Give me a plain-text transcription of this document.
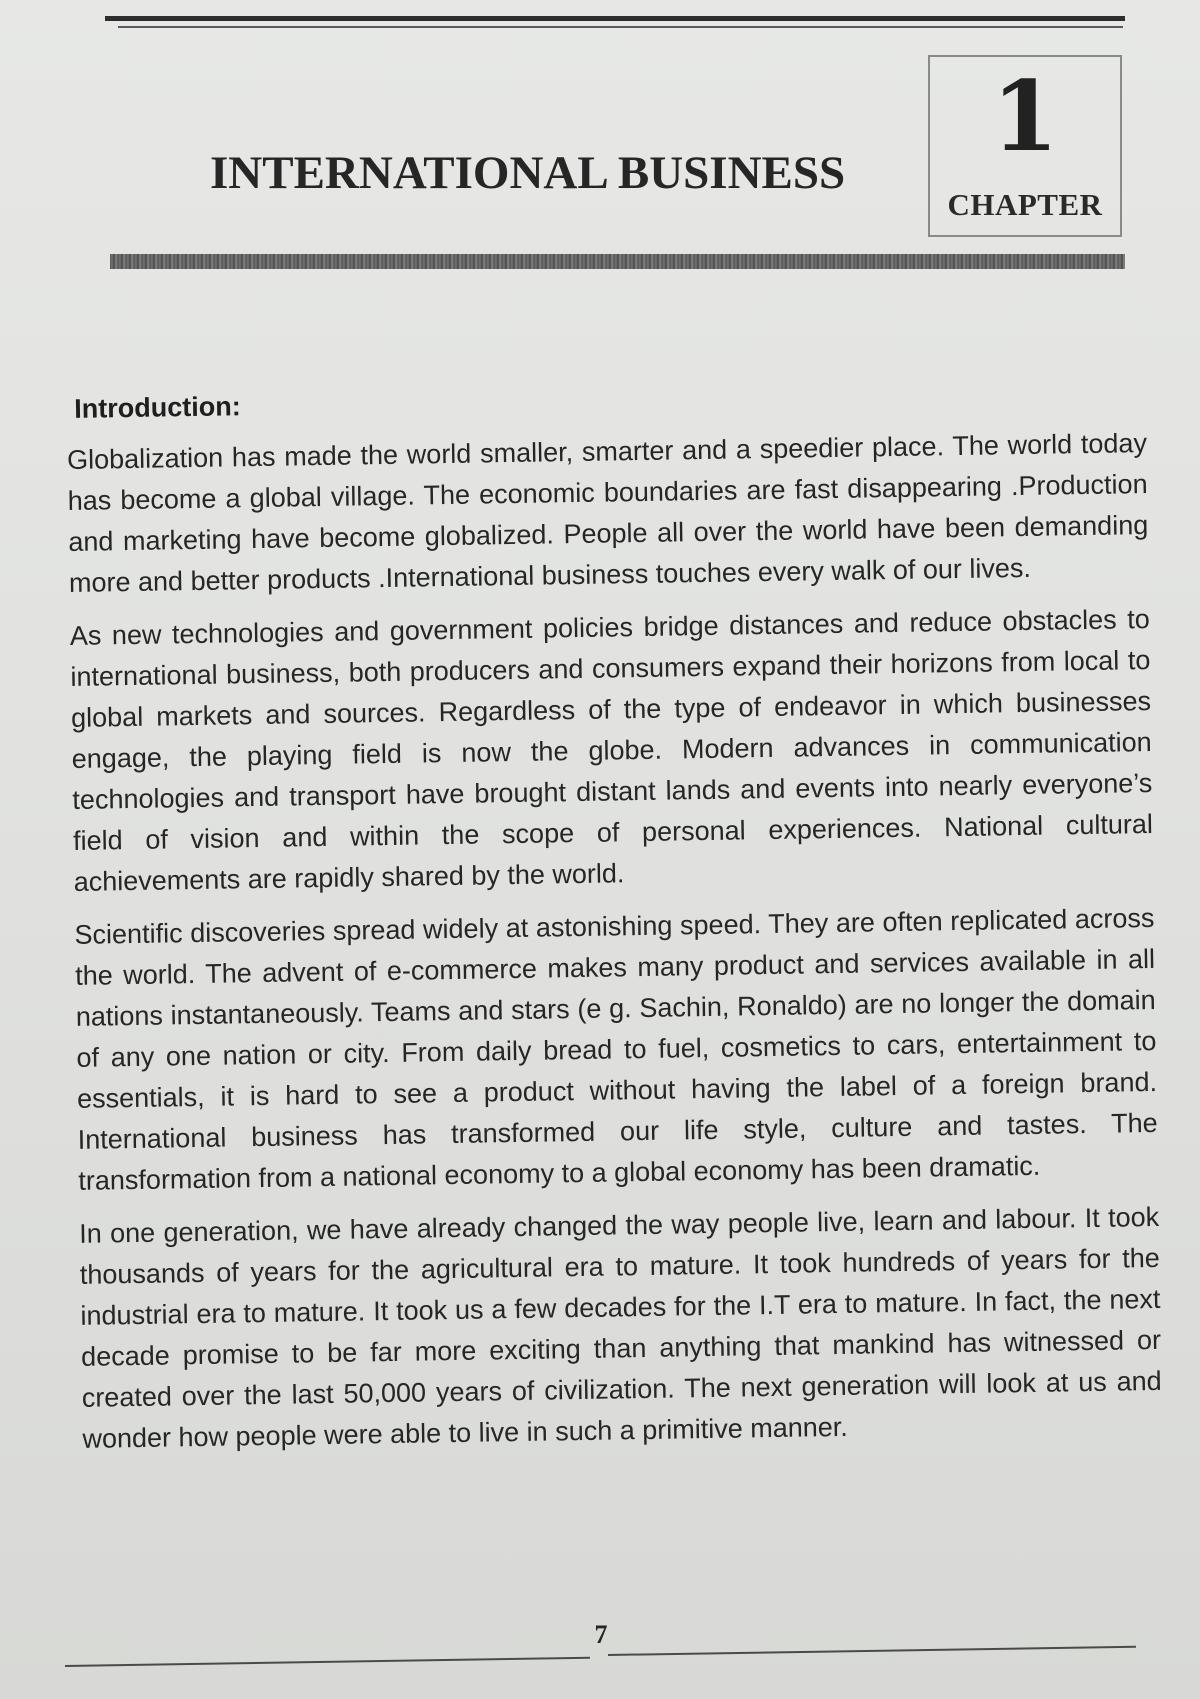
INTERNATIONAL BUSINESS	1
CHAPTER
Introduction:

Globalization has made the world smaller, smarter and a speedier place. The world today has become a global village. The economic boundaries are fast disappearing .Production and marketing have become globalized. People all over the world have been demanding more and better products .International business touches every walk of our lives.

As new technologies and government policies bridge distances and reduce obstacles to international business, both producers and consumers expand their horizons from local to global markets and sources. Regardless of the type of endeavor in which businesses engage, the playing field is now the globe. Modern advances in communication technologies and transport have brought distant lands and events into nearly everyone’s field of vision and within the scope of personal experiences. National cultural achievements are rapidly shared by the world.

Scientific discoveries spread widely at astonishing speed. They are often replicated across the world. The advent of e-commerce makes many product and services available in all nations instantaneously. Teams and stars (e g. Sachin, Ronaldo) are no longer the domain of any one nation or city. From daily bread to fuel, cosmetics to cars, entertainment to essentials, it is hard to see a product without having the label of a foreign brand. International business has transformed our life style, culture and tastes. The transformation from a national economy to a global economy has been dramatic.

In one generation, we have already changed the way people live, learn and labour. It took thousands of years for the agricultural era to mature. It took hundreds of years for the industrial era to mature. It took us a few decades for the I.T era to mature. In fact, the next decade promise to be far more exciting than anything that mankind has witnessed or created over the last 50,000 years of civilization. The next generation will look at us and wonder how people were able to live in such a primitive manner.

7
